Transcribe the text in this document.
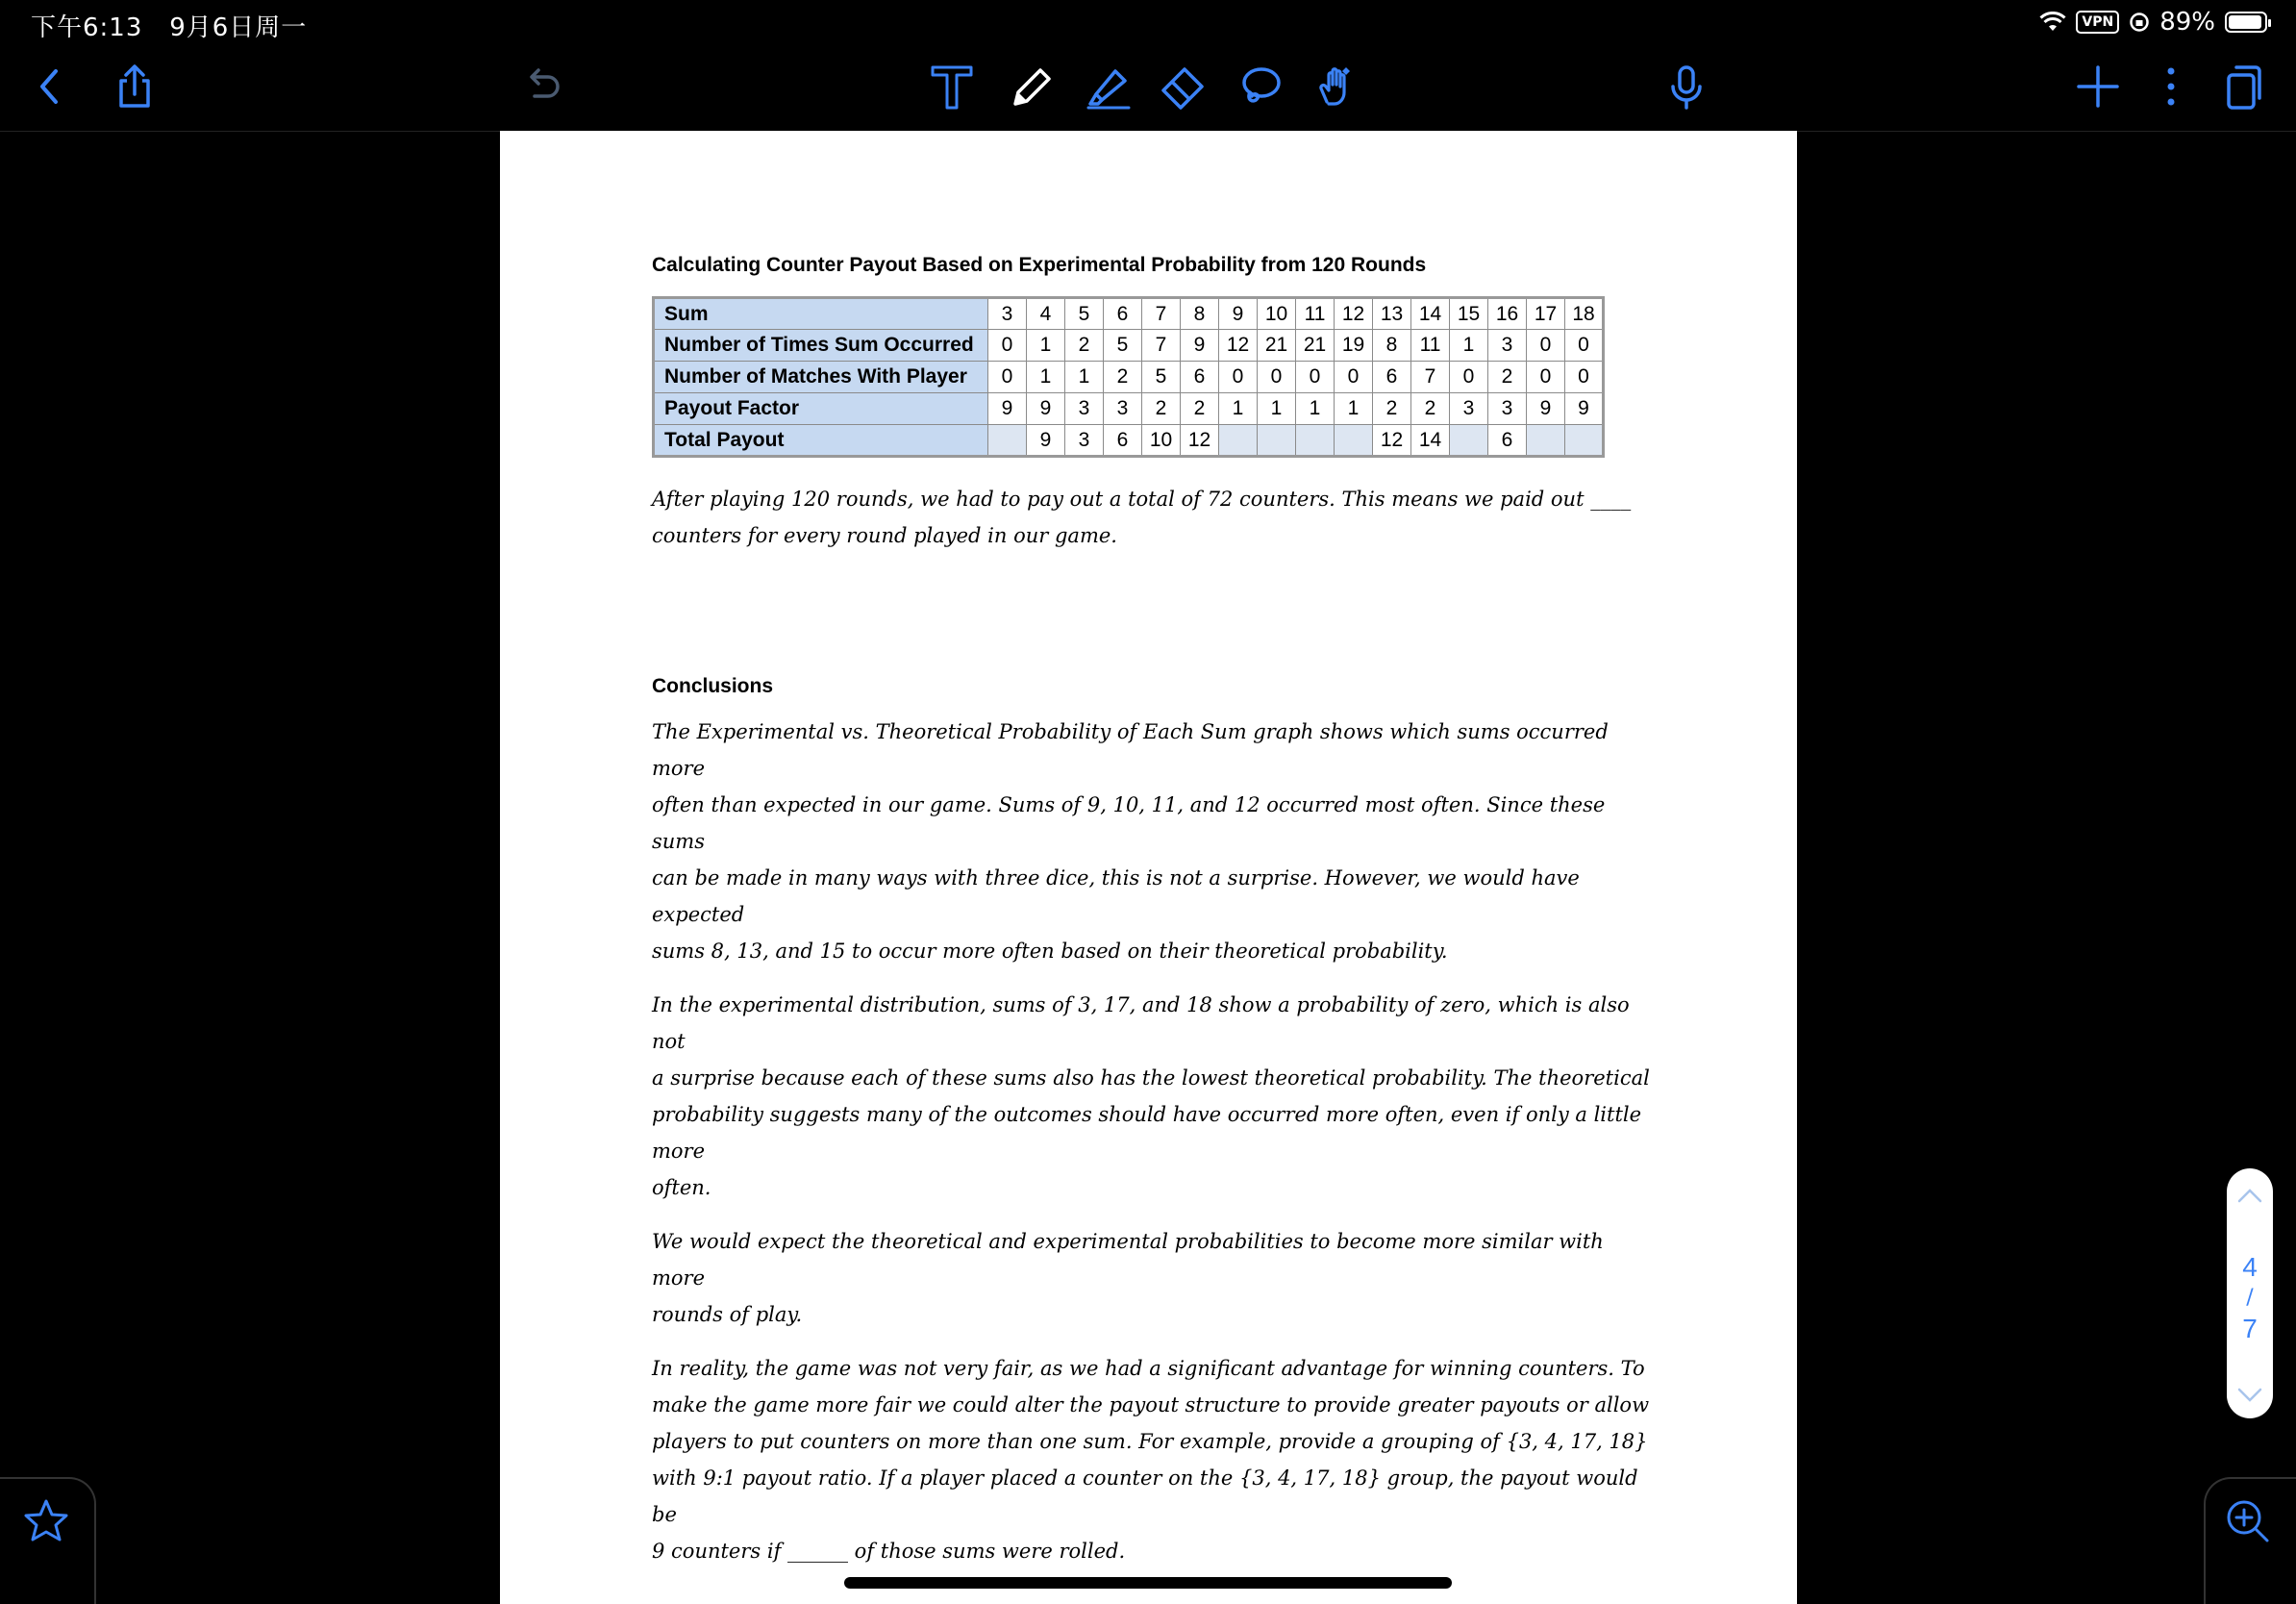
下午6:13 9月6日周一	VPN 89%
Calculating Counter Payout Based on Experimental Probability from 120 Rounds
Sum	3	4	5	6	7	8	9	10	11	12	13	14	15	16	17	18
Number of Times Sum Occurred	0	1	2	5	7	9	12	21	21	19	8	11	1	3	0	0
Number of Matches With Player	0	1	1	2	5	6	0	0	0	0	6	7	0	2	0	0
Payout Factor	9	9	3	3	2	2	1	1	1	1	2	2	3	3	9	9
Total Payout		9	3	6	10	12					12	14		6		

After playing 120 rounds, we had to pay out a total of 72 counters. This means we paid out ____
counters for every round played in our game.

Conclusions

The Experimental vs. Theoretical Probability of Each Sum graph shows which sums occurred more
often than expected in our game. Sums of 9, 10, 11, and 12 occurred most often. Since these sums
can be made in many ways with three dice, this is not a surprise. However, we would have expected
sums 8, 13, and 15 to occur more often based on their theoretical probability.

In the experimental distribution, sums of 3, 17, and 18 show a probability of zero, which is also not
a surprise because each of these sums also has the lowest theoretical probability. The theoretical
probability suggests many of the outcomes should have occurred more often, even if only a little more
often.

We would expect the theoretical and experimental probabilities to become more similar with more
rounds of play.

In reality, the game was not very fair, as we had a significant advantage for winning counters. To
make the game more fair we could alter the payout structure to provide greater payouts or allow
players to put counters on more than one sum. For example, provide a grouping of {3, 4, 17, 18}
with 9:1 payout ratio. If a player placed a counter on the {3, 4, 17, 18} group, the payout would be
9 counters if ______ of those sums were rolled.

4
/
7
